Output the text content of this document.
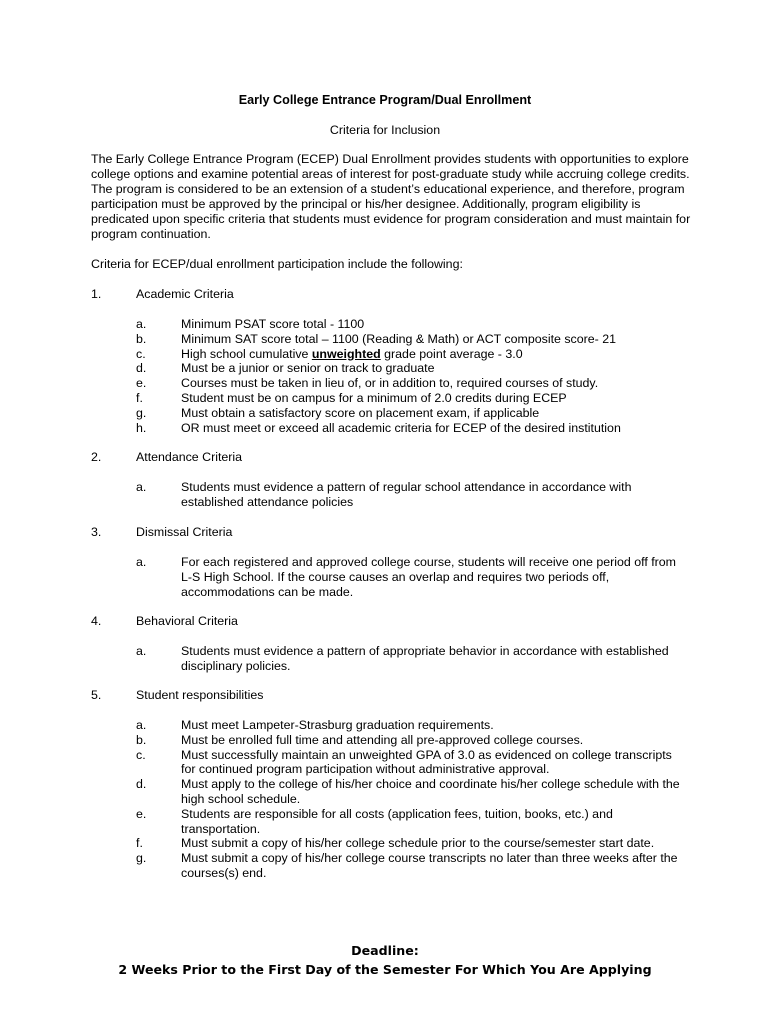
Early College Entrance Program/Dual Enrollment
Criteria for Inclusion
The Early College Entrance Program (ECEP) Dual Enrollment provides students with opportunities to explore college options and examine potential areas of interest for post-graduate study while accruing college credits. The program is considered to be an extension of a student’s educational experience, and therefore, program participation must be approved by the principal or his/her designee. Additionally, program eligibility is predicated upon specific criteria that students must evidence for program consideration and must maintain for program continuation.
Criteria for ECEP/dual enrollment participation include the following:
1.	Academic Criteria
a.	Minimum PSAT score total - 1100
b.	Minimum SAT score total – 1100 (Reading & Math) or ACT composite score- 21
c.	High school cumulative unweighted grade point average - 3.0
d.	Must be a junior or senior on track to graduate
e.	Courses must be taken in lieu of, or in addition to, required courses of study.
f.	Student must be on campus for a minimum of 2.0 credits during ECEP
g.	Must obtain a satisfactory score on placement exam, if applicable
h.	OR must meet or exceed all academic criteria for ECEP of the desired institution
2.	Attendance Criteria
a.	Students must evidence a pattern of regular school attendance in accordance with established attendance policies
3.	Dismissal Criteria
a.	For each registered and approved college course, students will receive one period off from L-S High School. If the course causes an overlap and requires two periods off, accommodations can be made.
4.	Behavioral Criteria
a.	Students must evidence a pattern of appropriate behavior in accordance with established disciplinary policies.
5.	Student responsibilities
a.	Must meet Lampeter-Strasburg graduation requirements.
b.	Must be enrolled full time and attending all pre-approved college courses.
c.	Must successfully maintain an unweighted GPA of 3.0 as evidenced on college transcripts for continued program participation without administrative approval.
d.	Must apply to the college of his/her choice and coordinate his/her college schedule with the high school schedule.
e.	Students are responsible for all costs (application fees, tuition, books, etc.) and transportation.
f.	Must submit a copy of his/her college schedule prior to the course/semester start date.
g.	Must submit a copy of his/her college course transcripts no later than three weeks after the courses(s) end.
Deadline:
2 Weeks Prior to the First Day of the Semester For Which You Are Applying
